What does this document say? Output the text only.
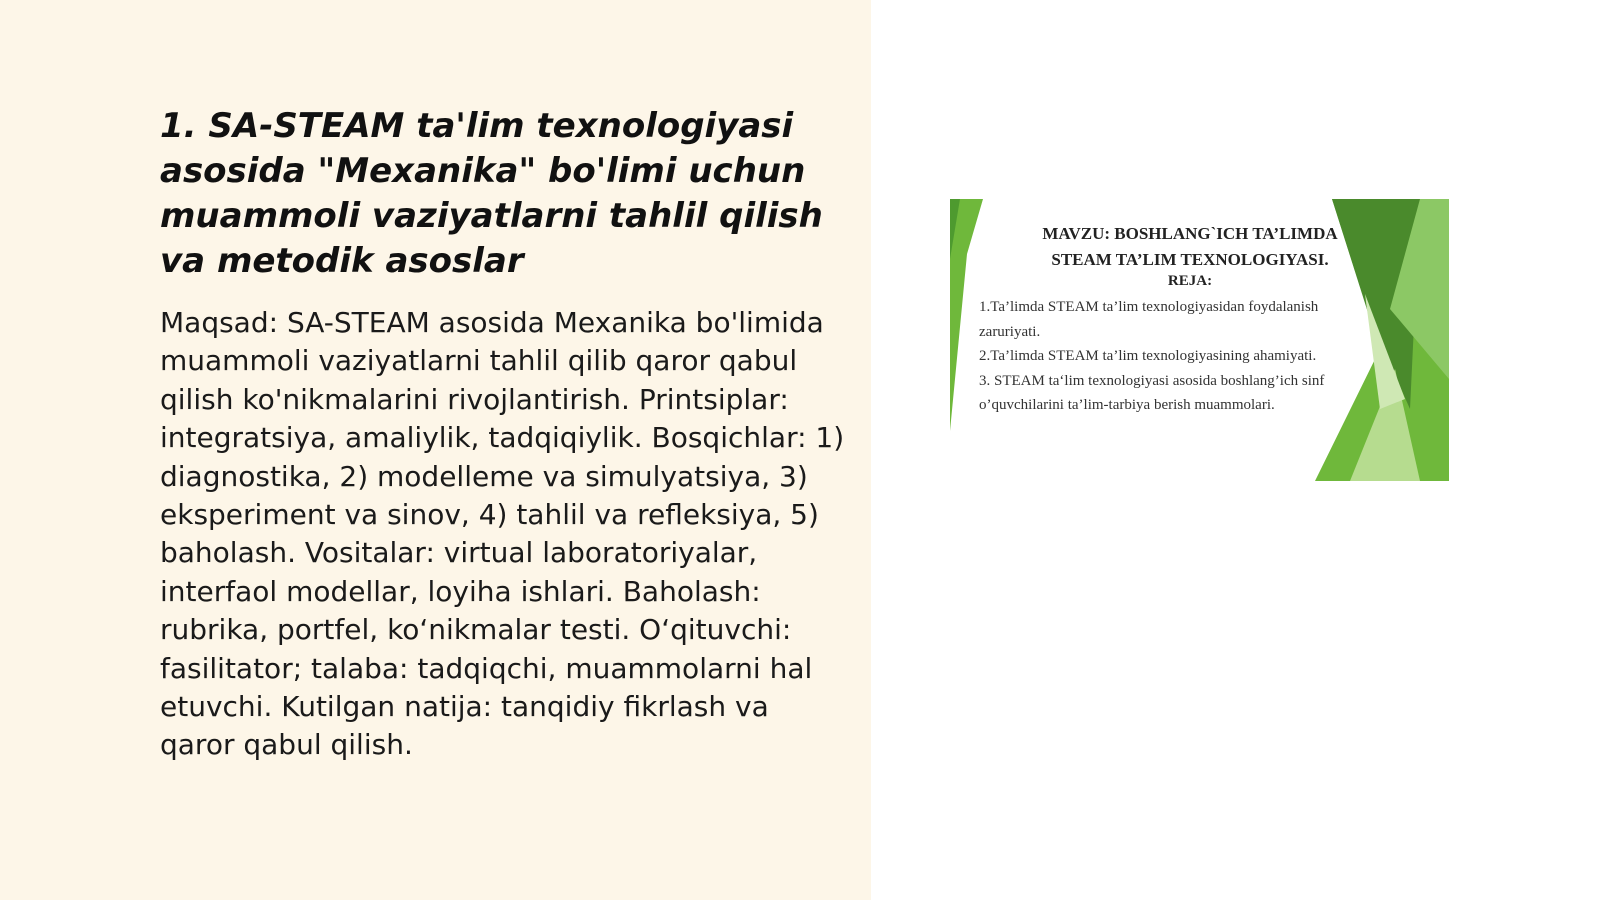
1. SA-STEAM ta'lim texnologiyasi asosida "Mexanika" bo'limi uchun muammoli vaziyatlarni tahlil qilish va metodik asoslar

Maqsad: SA-STEAM asosida Mexanika bo'limida muammoli vaziyatlarni tahlil qilib qaror qabul qilish ko'nikmalarini rivojlantirish. Printsiplar: integratsiya, amaliylik, tadqiqiylik. Bosqichlar: 1) diagnostika, 2) modelleme va simulyatsiya, 3) eksperiment va sinov, 4) tahlil va refleksiya, 5) baholash. Vositalar: virtual laboratoriyalar, interfaol modellar, loyiha ishlari. Baholash: rubrika, portfel, ko‘nikmalar testi. O‘qituvchi: fasilitator; talaba: tadqiqchi, muammolarni hal etuvchi. Kutilgan natija: tanqidiy fikrlash va qaror qabul qilish.

MAVZU: BOSHLANG`ICH TA’LIMDA
STEAM TA’LIM TEXNOLOGIYASI.

REJA:
1.Ta’limda STEAM ta’lim texnologiyasidan foydalanish zaruriyati.
2.Ta’limda STEAM ta’lim texnologiyasining ahamiyati.
3. STEAM ta‘lim texnologiyasi asosida boshlang’ich sinf o’quvchilarini ta’lim-tarbiya berish muammolari.
